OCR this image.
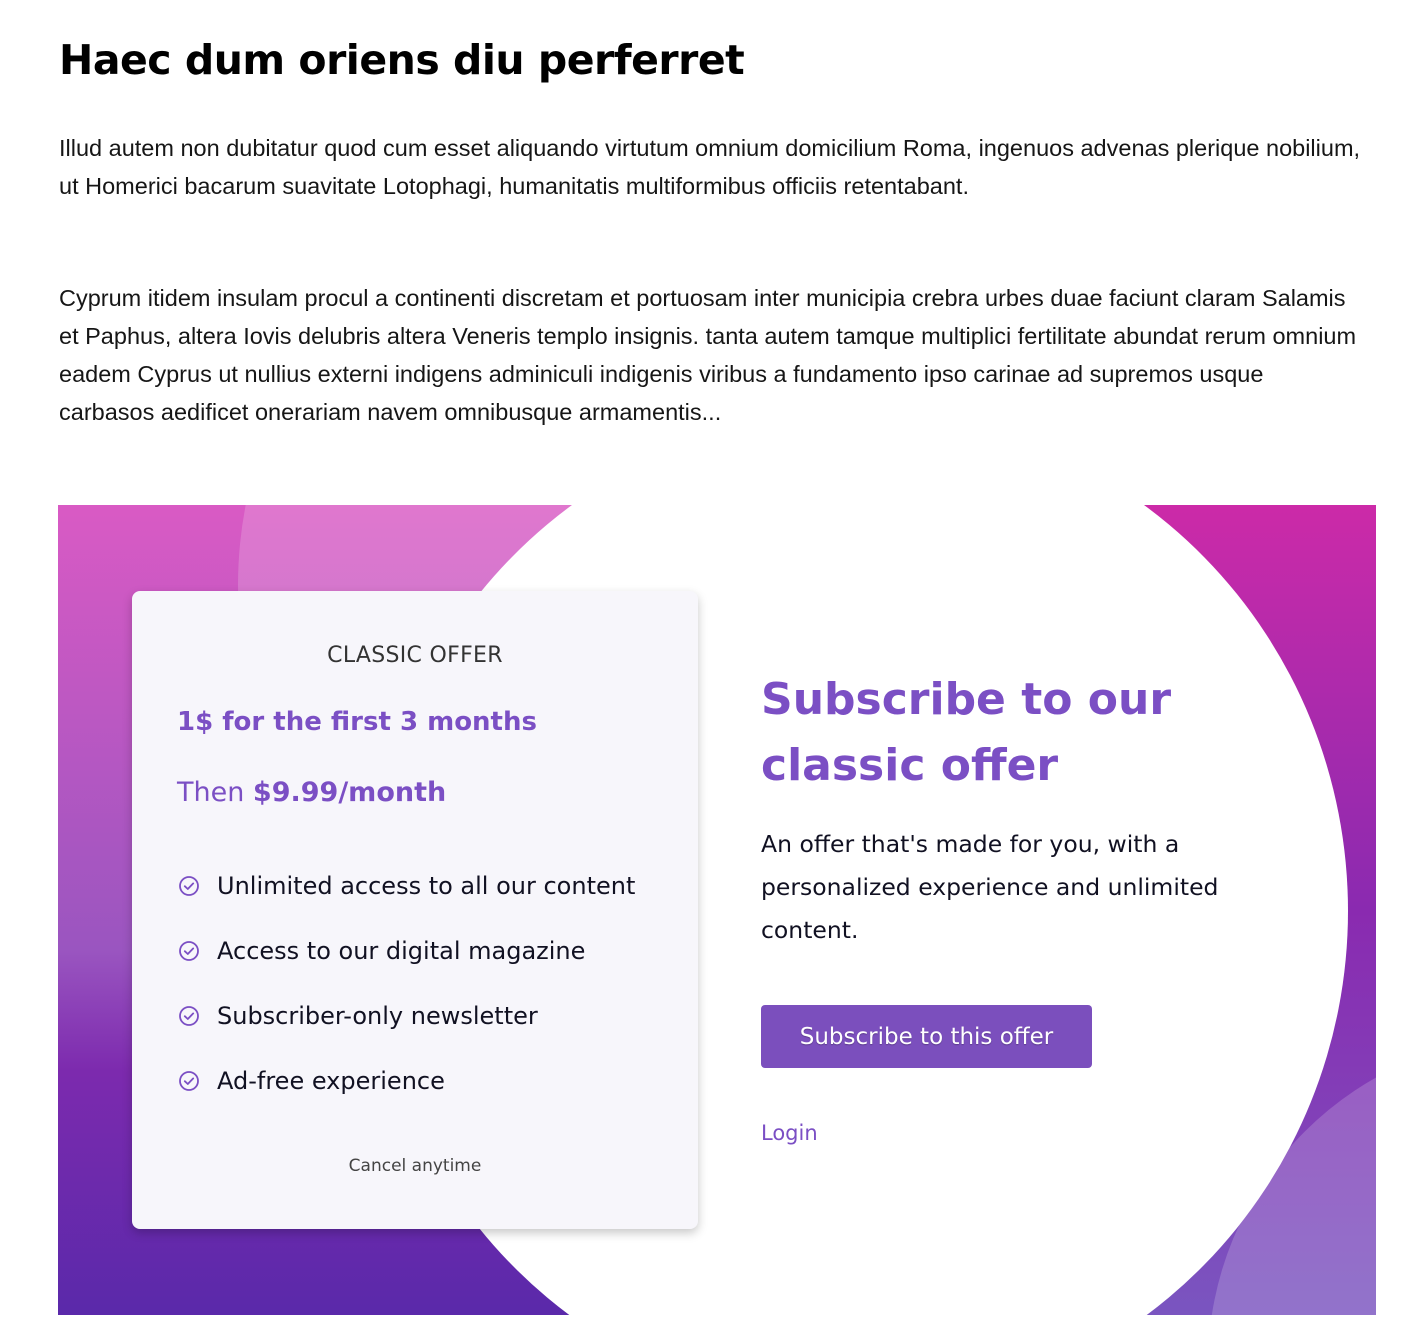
Haec dum oriens diu perferret

Illud autem non dubitatur quod cum esset aliquando virtutum omnium domicilium Roma, ingenuos advenas plerique nobilium, ut Homerici bacarum suavitate Lotophagi, humanitatis multiformibus officiis retentabant.

Cyprum itidem insulam procul a continenti discretam et portuosam inter municipia crebra urbes duae faciunt claram Salamis et Paphus, altera Iovis delubris altera Veneris templo insignis. tanta autem tamque multiplici fertilitate abundat rerum omnium eadem Cyprus ut nullius externi indigens adminiculi indigenis viribus a fundamento ipso carinae ad supremos usque carbasos aedificet onerariam navem omnibusque armamentis...

CLASSIC OFFER
1$ for the first 3 months
Then $9.99/month
Unlimited access to all our content
Access to our digital magazine
Subscriber-only newsletter
Ad-free experience
Cancel anytime
Subscribe to our classic offer

An offer that's made for you, with a personalized experience and unlimited content.

Subscribe to this offer
Login
